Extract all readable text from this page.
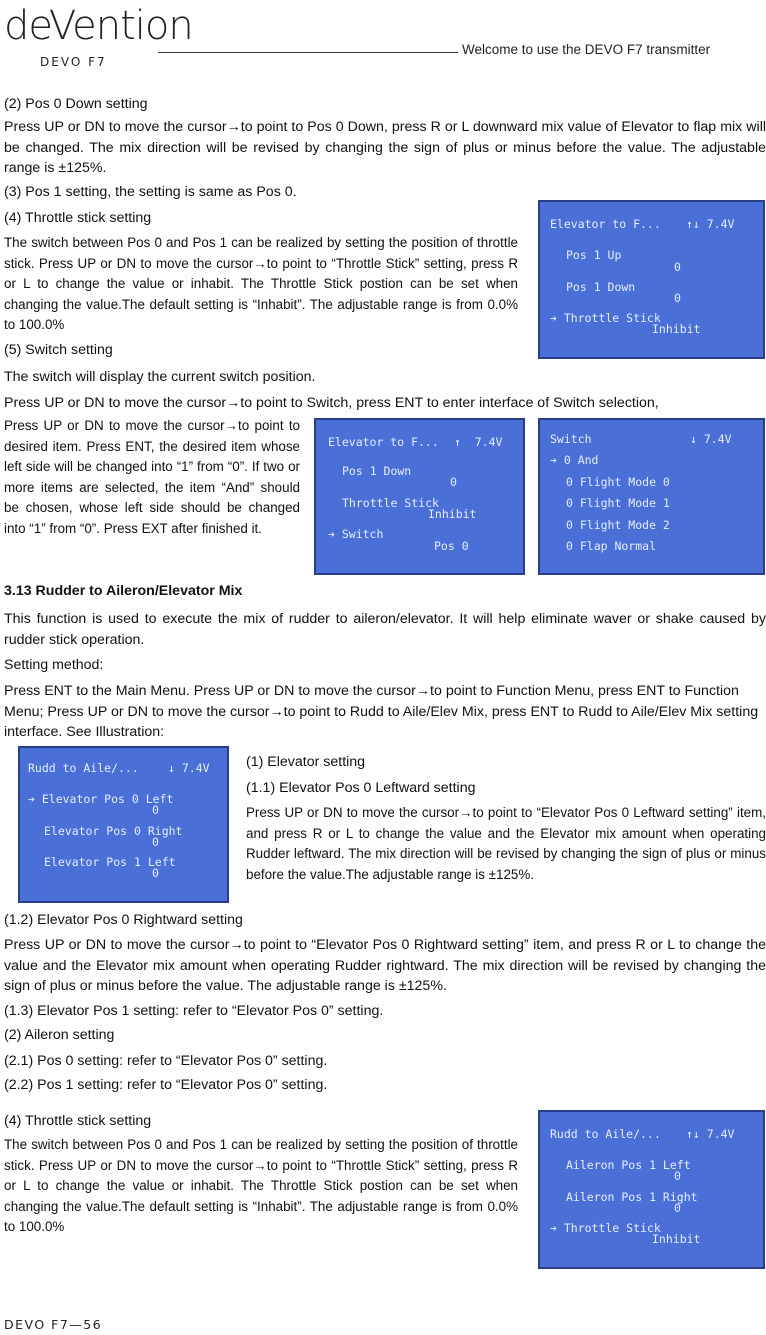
deVention
DEVO F7
Welcome to use the DEVO F7 transmitter
(2) Pos 0 Down setting
Press UP or DN to move the cursor→to point to Pos 0 Down, press R or L downward mix value of Elevator to flap mix will be changed. The mix direction will be revised by changing the sign of plus or minus before the value. The adjustable range is ±125%.
(3) Pos 1 setting, the setting is same as Pos 0.
(4) Throttle stick setting
The switch between Pos 0 and Pos 1 can be realized by setting the position of throttle stick. Press UP or DN to move the cursor→to point to “Throttle Stick” setting, press R or L to change the value or inhabit. The Throttle Stick postion can be set when changing the value.The default setting is “Inhabit”. The adjustable range is from 0.0% to 100.0%
Elevator to F... ↑↓ 7.4V
Pos 1 Up
0
Pos 1 Down
0
➔ Throttle Stick
Inhibit
(5) Switch setting
The switch will display the current switch position.
Press UP or DN to move the cursor→to point to Switch, press ENT to enter interface of Switch selection,
Press UP or DN to move the cursor→to point to desired item. Press ENT, the desired item whose left side will be changed into “1” from “0”. If two or more items are selected, the item “And” should be chosen, whose left side should be changed into “1” from “0”. Press EXT after finished it.
Elevator to F... ↑  7.4V
Pos 1 Down
0
Throttle Stick
Inhibit
➔ Switch
Pos 0
Switch	↓ 7.4V
➔ 0 And
0 Flight Mode 0
0 Flight Mode 1
0 Flight Mode 2
0 Flap Normal
3.13 Rudder to Aileron/Elevator Mix
This function is used to execute the mix of rudder to aileron/elevator. It will help eliminate waver or shake caused by rudder stick operation.
Setting method:
Press ENT to the Main Menu. Press UP or DN to move the cursor→to point to Function Menu, press ENT to Function Menu; Press UP or DN to move the cursor→to point to Rudd to Aile/Elev Mix, press ENT to Rudd to Aile/Elev Mix setting interface. See Illustration:
Rudd to Aile/...	↓ 7.4V
➔ Elevator Pos 0 Left
0
Elevator Pos 0 Right
0
Elevator Pos 1 Left
0
(1) Elevator setting
(1.1) Elevator Pos 0 Leftward setting
Press UP or DN to move the cursor→to point to “Elevator Pos 0 Leftward setting” item, and press R or L to change the value and the Elevator mix amount when operating Rudder leftward. The mix direction will be revised by changing the sign of plus or minus before the value.The adjustable range is ±125%.
(1.2) Elevator Pos 0 Rightward setting
Press UP or DN to move the cursor→to point to “Elevator Pos 0 Rightward setting” item, and press R or L to change the value and the Elevator mix amount when operating Rudder rightward. The mix direction will be revised by changing the sign of plus or minus before the value. The adjustable range is ±125%.
(1.3) Elevator Pos 1 setting: refer to “Elevator Pos 0” setting.
(2) Aileron setting
(2.1) Pos 0 setting: refer to “Elevator Pos 0” setting.
(2.2) Pos 1 setting: refer to “Elevator Pos 0” setting.
(4) Throttle stick setting
The switch between Pos 0 and Pos 1 can be realized by setting the position of throttle stick. Press UP or DN to move the cursor→to point to “Throttle Stick” setting, press R or L to change the value or inhabit. The Throttle Stick postion can be set when changing the value.The default setting is “Inhabit”. The adjustable range is from 0.0% to 100.0%
Rudd to Aile/... ↑↓ 7.4V
Aileron Pos 1 Left
0
Aileron Pos 1 Right
0
➔ Throttle Stick
Inhibit
DEVO F7—56
